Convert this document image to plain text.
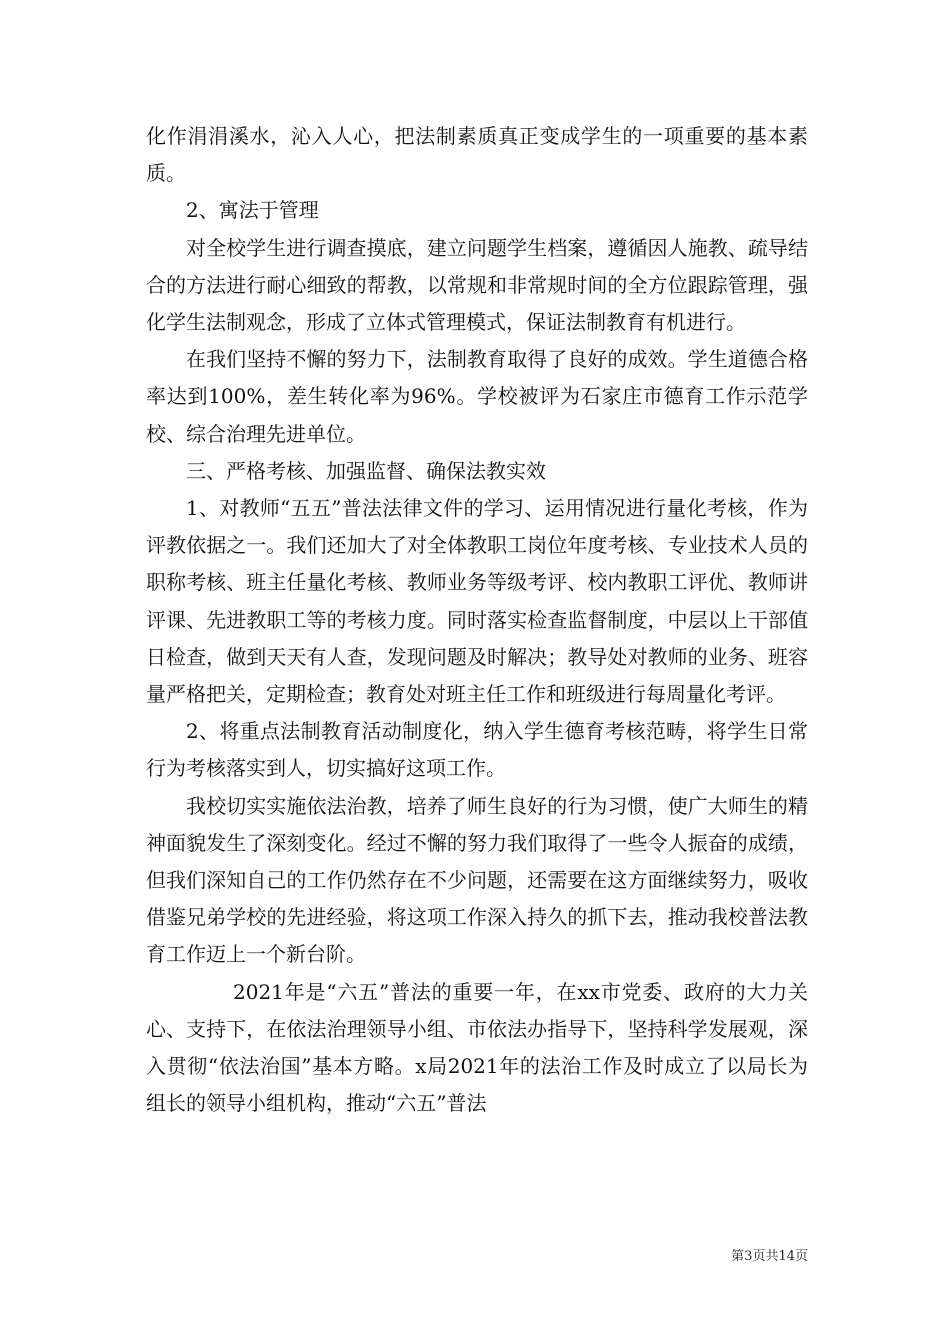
化作涓涓溪水，沁入人心，把法制素质真正变成学生的一项重要的基本素质。

2、寓法于管理

对全校学生进行调查摸底，建立问题学生档案，遵循因人施教、疏导结合的方法进行耐心细致的帮教，以常规和非常规时间的全方位跟踪管理，强化学生法制观念，形成了立体式管理模式，保证法制教育有机进行。

在我们坚持不懈的努力下，法制教育取得了良好的成效。学生道德合格率达到100%，差生转化率为96%。学校被评为石家庄市德育工作示范学校、综合治理先进单位。

三、严格考核、加强监督、确保法教实效

1、对教师“五五”普法法律文件的学习、运用情况进行量化考核，作为评教依据之一。我们还加大了对全体教职工岗位年度考核、专业技术人员的职称考核、班主任量化考核、教师业务等级考评、校内教职工评优、教师讲评课、先进教职工等的考核力度。同时落实检查监督制度，中层以上干部值日检查，做到天天有人查，发现问题及时解决；教导处对教师的业务、班容量严格把关，定期检查；教育处对班主任工作和班级进行每周量化考评。

2、将重点法制教育活动制度化，纳入学生德育考核范畴，将学生日常行为考核落实到人，切实搞好这项工作。

我校切实实施依法治教，培养了师生良好的行为习惯，使广大师生的精神面貌发生了深刻变化。经过不懈的努力我们取得了一些令人振奋的成绩，但我们深知自己的工作仍然存在不少问题，还需要在这方面继续努力，吸收借鉴兄弟学校的先进经验，将这项工作深入持久的抓下去，推动我校普法教育工作迈上一个新台阶。

2021年是“六五”普法的重要一年，在xx市党委、政府的大力关心、支持下，在依法治理领导小组、市依法办指导下，坚持科学发展观，深入贯彻“依法治国”基本方略。x局2021年的法治工作及时成立了以局长为组长的领导小组机构，推动“六五”普法

第3页共14页
